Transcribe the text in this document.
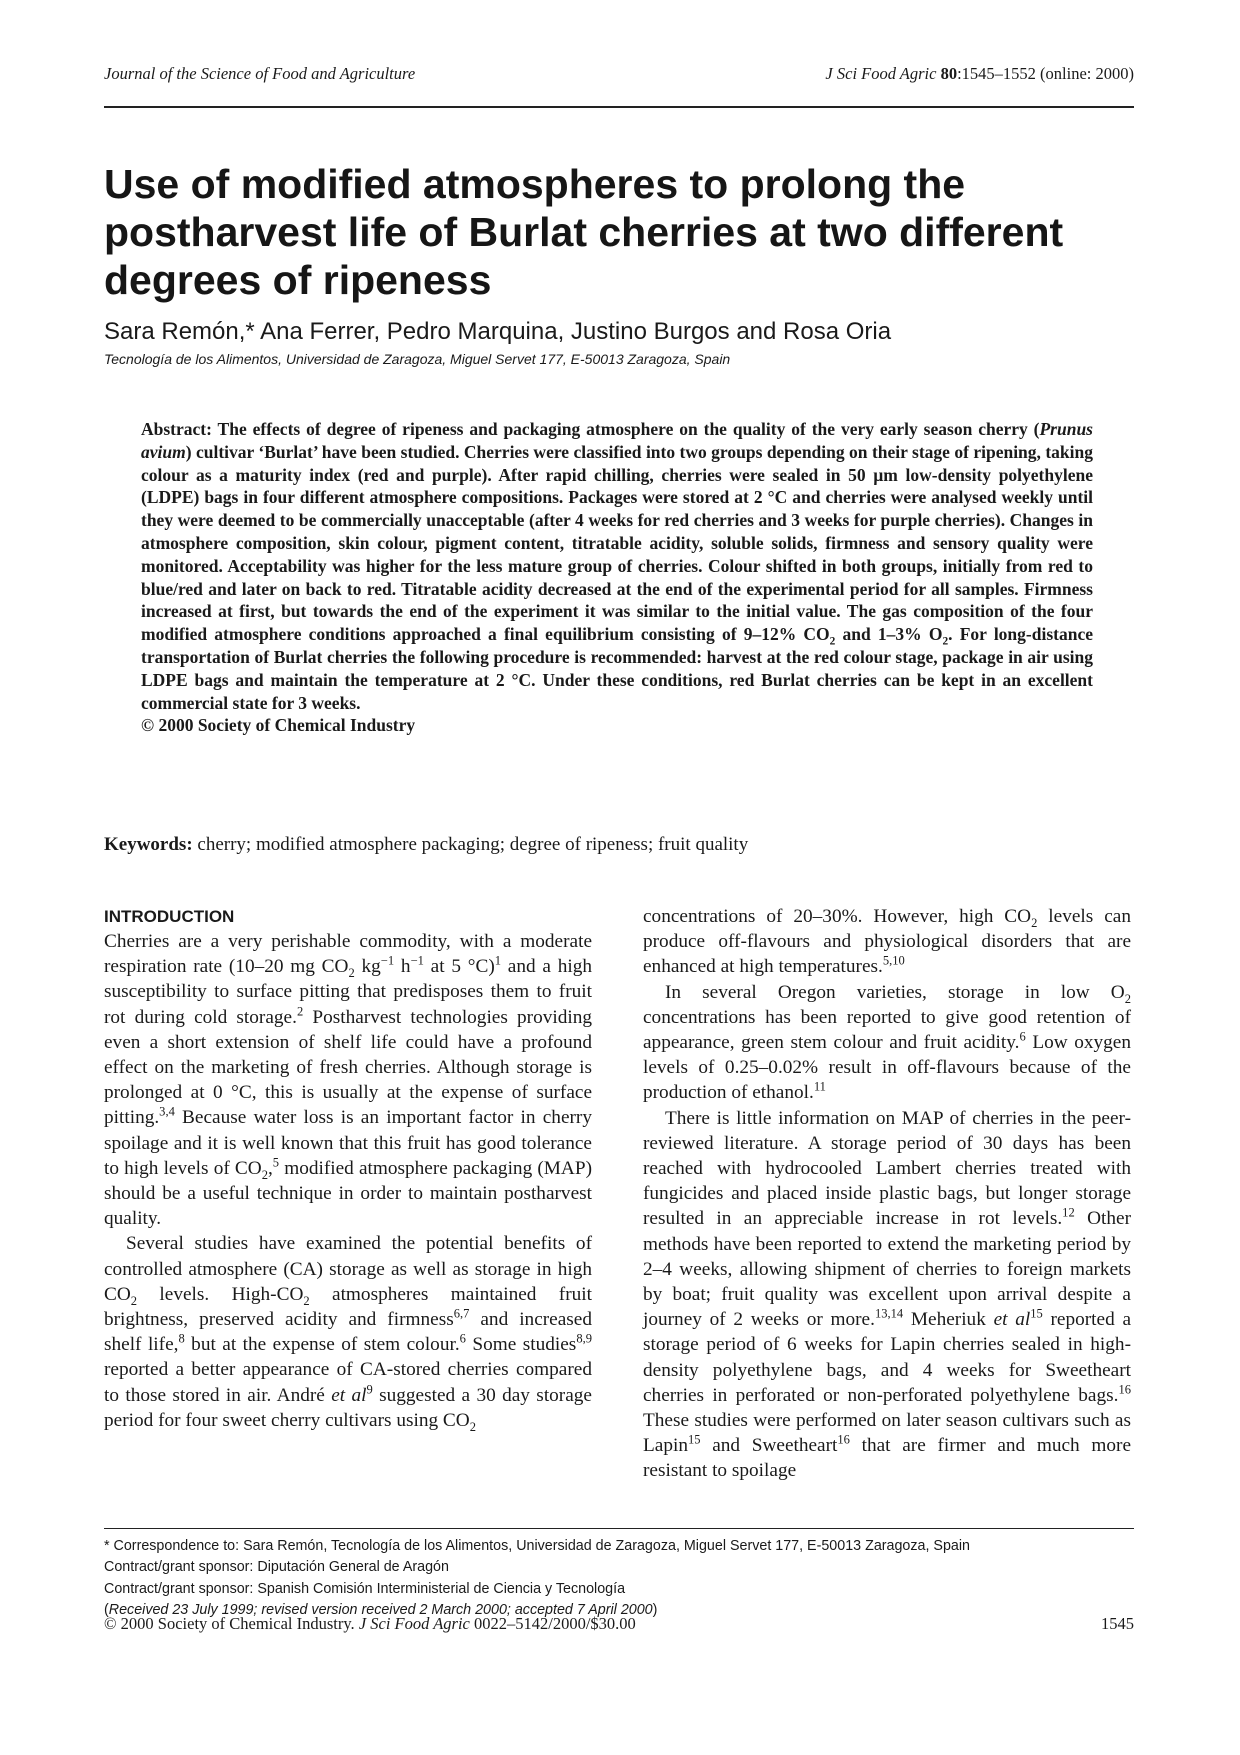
Journal of the Science of Food and Agriculture	J Sci Food Agric 80:1545–1552 (online: 2000)
Use of modified atmospheres to prolong the postharvest life of Burlat cherries at two different degrees of ripeness
Sara Remón,* Ana Ferrer, Pedro Marquina, Justino Burgos and Rosa Oria
Tecnología de los Alimentos, Universidad de Zaragoza, Miguel Servet 177, E-50013 Zaragoza, Spain

Abstract: The effects of degree of ripeness and packaging atmosphere on the quality of the very early season cherry (Prunus avium) cultivar ‘Burlat’ have been studied. Cherries were classified into two groups depending on their stage of ripening, taking colour as a maturity index (red and purple). After rapid chilling, cherries were sealed in 50 µm low-density polyethylene (LDPE) bags in four different atmosphere compositions. Packages were stored at 2 °C and cherries were analysed weekly until they were deemed to be commercially unacceptable (after 4 weeks for red cherries and 3 weeks for purple cherries). Changes in atmosphere composition, skin colour, pigment content, titratable acidity, soluble solids, firmness and sensory quality were monitored. Acceptability was higher for the less mature group of cherries. Colour shifted in both groups, initially from red to blue/red and later on back to red. Titratable acidity decreased at the end of the experimental period for all samples. Firmness increased at first, but towards the end of the experiment it was similar to the initial value. The gas composition of the four modified atmosphere conditions approached a final equilibrium consisting of 9–12% $CO_2$ and 1–3% $O_2$. For long-distance transportation of Burlat cherries the following procedure is recommended: harvest at the red colour stage, package in air using LDPE bags and maintain the temperature at 2 °C. Under these conditions, red Burlat cherries can be kept in an excellent commercial state for 3 weeks.

© 2000 Society of Chemical Industry

Keywords: cherry; modified atmosphere packaging; degree of ripeness; fruit quality
INTRODUCTION

Cherries are a very perishable commodity, with a moderate respiration rate (10–20 mg $CO_2$ $kg^{-1}$ $h^{-1}$ at 5 °C)$^1$ and a high susceptibility to surface pitting that predisposes them to fruit rot during cold storage.$^2$ Postharvest technologies providing even a short extension of shelf life could have a profound effect on the marketing of fresh cherries. Although storage is prolonged at 0 °C, this is usually at the expense of surface pitting.$^{3,4}$ Because water loss is an important factor in cherry spoilage and it is well known that this fruit has good tolerance to high levels of $CO_2,^5$ modified atmosphere packaging (MAP) should be a useful technique in order to maintain postharvest quality.

Several studies have examined the potential benefits of controlled atmosphere (CA) storage as well as storage in high $CO_2$ levels. High-$CO_2$ atmospheres maintained fruit brightness, preserved acidity and firmness$^{6,7}$ and increased shelf life,$^8$ but at the expense of stem colour.$^6$ Some studies$^{8,9}$ reported a better appearance of CA-stored cherries compared to those stored in air. André et $al^9$ suggested a 30 day storage period for four sweet cherry cultivars using $CO_2$

concentrations of 20–30%. However, high $CO_2$ levels can produce off-flavours and physiological disorders that are enhanced at high temperatures.$^{5,10}$

In several Oregon varieties, storage in low $O_2$ concentrations has been reported to give good retention of appearance, green stem colour and fruit acidity.$^6$ Low oxygen levels of 0.25–0.02% result in off-flavours because of the production of ethanol.$^{11}$

There is little information on MAP of cherries in the peer-reviewed literature. A storage period of 30 days has been reached with hydrocooled Lambert cherries treated with fungicides and placed inside plastic bags, but longer storage resulted in an appreciable increase in rot levels.$^{12}$ Other methods have been reported to extend the marketing period by 2–4 weeks, allowing shipment of cherries to foreign markets by boat; fruit quality was excellent upon arrival despite a journey of 2 weeks or more.$^{13,14}$ Meheriuk et $al^{15}$ reported a storage period of 6 weeks for Lapin cherries sealed in high-density polyethylene bags, and 4 weeks for Sweetheart cherries in perforated or non-perforated polyethylene bags.$^{16}$ These studies were performed on later season cultivars such as Lapin$^{15}$ and Sweetheart$^{16}$ that are firmer and much more resistant to spoilage

* Correspondence to: Sara Remón, Tecnología de los Alimentos, Universidad de Zaragoza, Miguel Servet 177, E-50013 Zaragoza, Spain
Contract/grant sponsor: Diputación General de Aragón
Contract/grant sponsor: Spanish Comisión Interministerial de Ciencia y Tecnología
(Received 23 July 1999; revised version received 2 March 2000; accepted 7 April 2000)
© 2000 Society of Chemical Industry. J Sci Food Agric 0022–5142/2000/$30.00	1545
